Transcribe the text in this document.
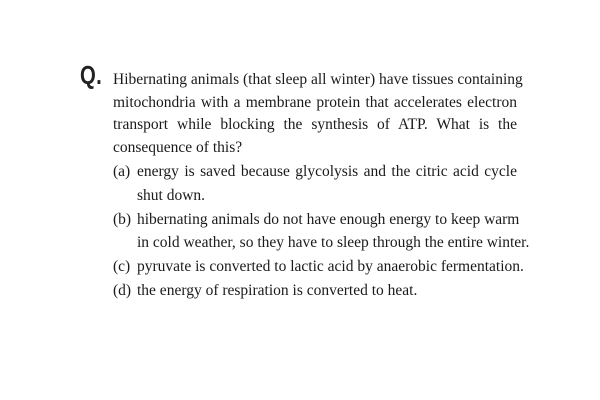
Q. Hibernating animals (that sleep all winter) have tissues containing
mitochondria with a membrane protein that accelerates electron
transport while blocking the synthesis of ATP. What is the
consequence of this?
(a) energy is saved because glycolysis and the citric acid cycle
shut down.
(b) hibernating animals do not have enough energy to keep warm
in cold weather, so they have to sleep through the entire winter.
(c) pyruvate is converted to lactic acid by anaerobic fermentation.
(d) the energy of respiration is converted to heat.
